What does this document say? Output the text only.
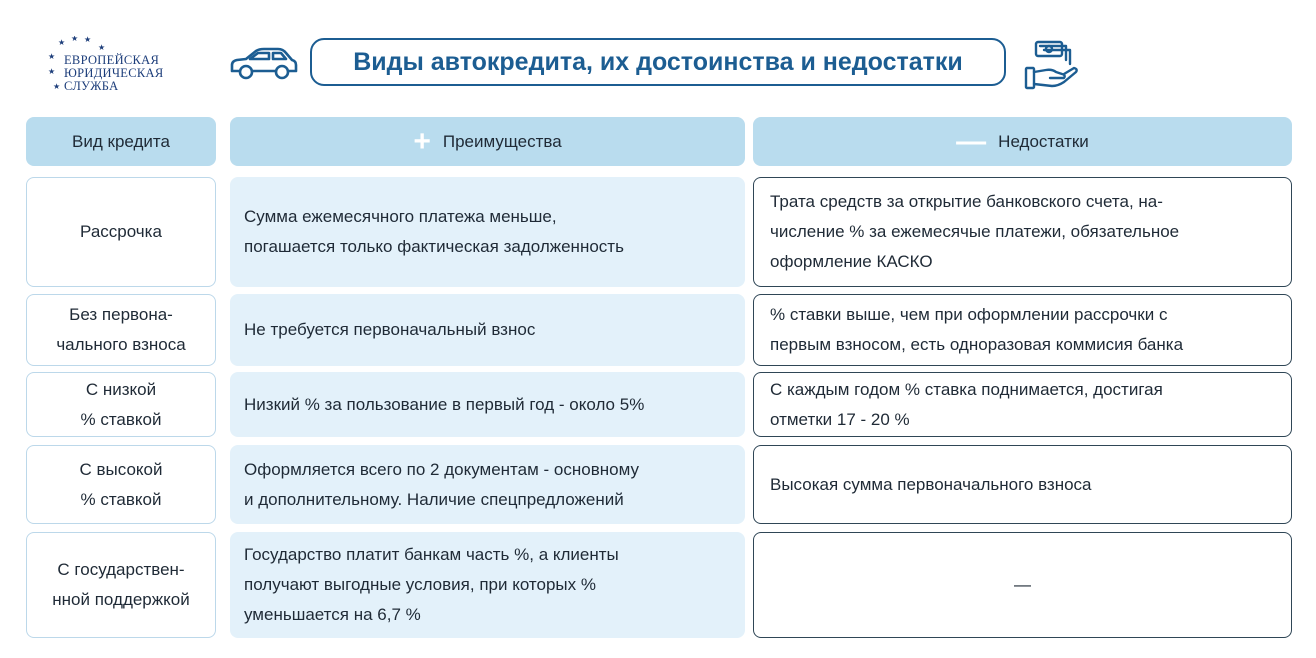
★ ★ ★
★
★
★
★
ЕВРОПЕЙСКАЯ
ЮРИДИЧЕСКАЯ
СЛУЖБА
Виды автокредита, их достоинства и недостатки
Вид кредита	+ Преимущества	— Недостатки
Рассрочка
Сумма ежемесячного платежа меньше,
погашается только фактическая задолженность
Трата средств за открытие банковского счета, на-
числение % за ежемесячые платежи, обязательное
оформление КАСКО
Без первона-
чального взноса
Не требуется первоначальный взнос
% ставки выше, чем при оформлении рассрочки с
первым взносом, есть одноразовая коммисия банка
С низкой
% ставкой
Низкий % за пользование в первый год - около 5%
С каждым годом % ставка поднимается, достигая
отметки 17 - 20 %
С высокой
% ставкой
Оформляется всего по 2 документам - основному
и дополнительному. Наличие спецпредложений
Высокая сумма первоначального взноса
С государствен-
нной поддержкой
Государство платит банкам часть %, а клиенты
получают выгодные условия, при которых %
уменьшается на 6,7 %
—
